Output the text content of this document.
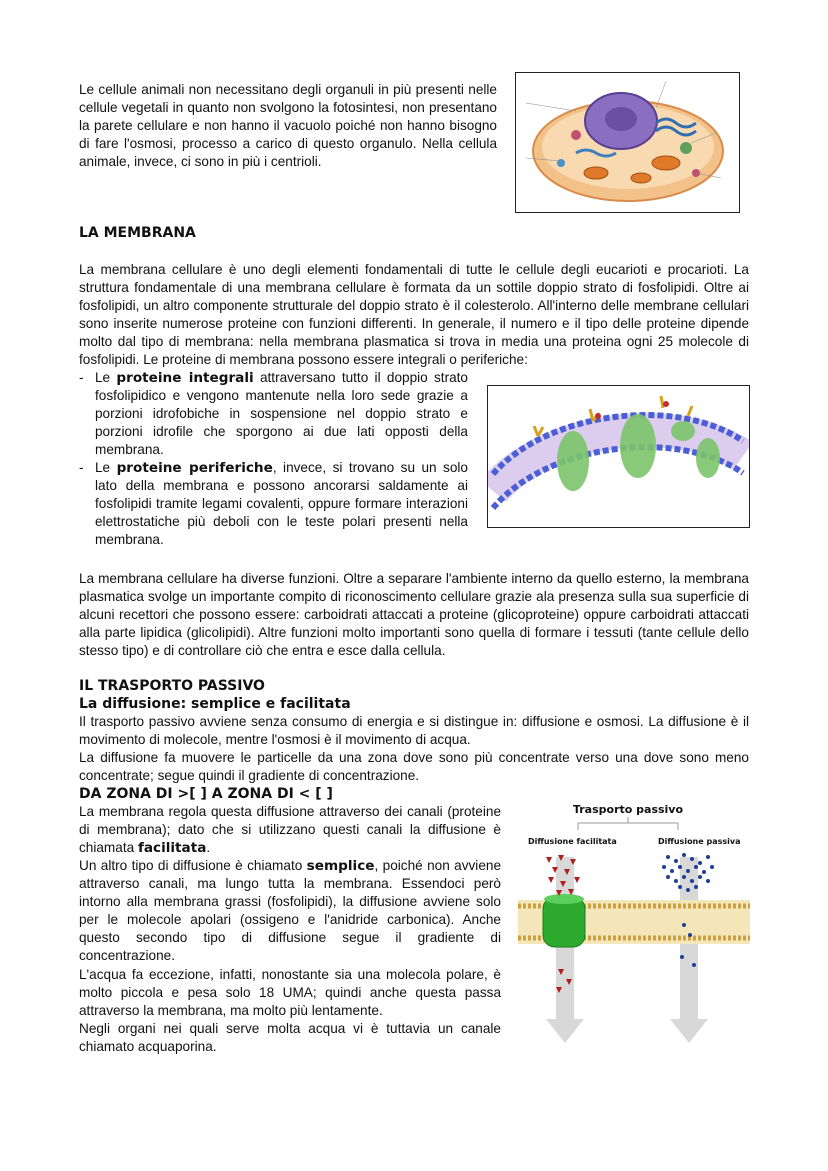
Le cellule animali non necessitano degli organuli in più presenti nelle cellule vegetali in quanto non svolgono la fotosintesi, non presentano la parete cellulare e non hanno il vacuolo poiché non hanno bisogno di fare l'osmosi, processo a carico di questo organulo. Nella cellula animale, invece, ci sono in più i centrioli.

LA MEMBRANA

La membrana cellulare è uno degli elementi fondamentali di tutte le cellule degli eucarioti e procarioti. La struttura fondamentale di una membrana cellulare è formata da un sottile doppio strato di fosfolipidi. Oltre ai fosfolipidi, un altro componente strutturale del doppio strato è il colesterolo. All'interno delle membrane cellulari sono inserite numerose proteine con funzioni differenti. In generale, il numero e il tipo delle proteine dipende molto dal tipo di membrana: nella membrana plasmatica si trova in media una proteina ogni 25 molecole di fosfolipidi. Le proteine di membrana possono essere integrali o periferiche:

- Le proteine integrali attraversano tutto il doppio strato fosfolipidico e vengono mantenute nella loro sede grazie a porzioni idrofobiche in sospensione nel doppio strato e porzioni idrofile che sporgono ai due lati opposti della membrana.
- Le proteine periferiche, invece, si trovano su un solo lato della membrana e possono ancorarsi saldamente ai fosfolipidi tramite legami covalenti, oppure formare interazioni elettrostatiche più deboli con le teste polari presenti nella membrana.

La membrana cellulare ha diverse funzioni. Oltre a separare l'ambiente interno da quello esterno, la membrana plasmatica svolge un importante compito di riconoscimento cellulare grazie ala presenza sulla sua superficie di alcuni recettori che possono essere: carboidrati attaccati a proteine (glicoproteine) oppure carboidrati attaccati alla parte lipidica (glicolipidi). Altre funzioni molto importanti sono quella di formare i tessuti (tante cellule dello stesso tipo) e di controllare ciò che entra e esce dalla cellula.

IL TRASPORTO PASSIVO
La diffusione: semplice e facilitata

Il trasporto passivo avviene senza consumo di energia e si distingue in: diffusione e osmosi. La diffusione è il movimento di molecole, mentre l'osmosi è il movimento di acqua.

La diffusione fa muovere le particelle da una zona dove sono più concentrate verso una dove sono meno concentrate; segue quindi il gradiente di concentrazione.

DA ZONA DI >[ ] A ZONA DI < [ ]

La membrana regola questa diffusione attraverso dei canali (proteine di membrana); dato che si utilizzano questi canali la diffusione è chiamata facilitata.

Un altro tipo di diffusione è chiamato semplice, poiché non avviene attraverso canali, ma lungo tutta la membrana. Essendoci però intorno alla membrana grassi (fosfolipidi), la diffusione avviene solo per le molecole apolari (ossigeno e l'anidride carbonica). Anche questo secondo tipo di diffusione segue il gradiente di concentrazione.

L'acqua fa eccezione, infatti, nonostante sia una molecola polare, è molto piccola e pesa solo 18 UMA; quindi anche questa passa attraverso la membrana, ma molto più lentamente.

Negli organi nei quali serve molta acqua vi è tuttavia un canale chiamato acquaporina.

Trasporto passivo
Diffusione facilitata	Diffusione passiva
